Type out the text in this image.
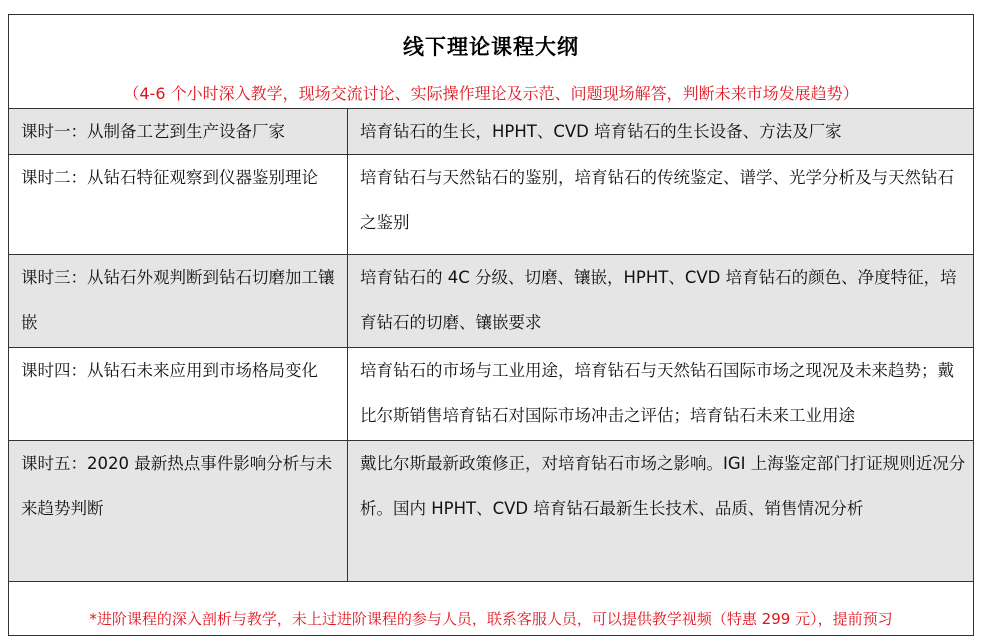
线下理论课程大纲
（4-6 个小时深入教学，现场交流讨论、实际操作理论及示范、问题现场解答，判断未来市场发展趋势）
课时一：从制备工艺到生产设备厂家	培育钻石的生长，HPHT、CVD 培育钻石的生长设备、方法及厂家
课时二：从钻石特征观察到仪器鉴别理论	培育钻石与天然钻石的鉴别，培育钻石的传统鉴定、谱学、光学分析及与天然钻石之鉴别
课时三：从钻石外观判断到钻石切磨加工镶嵌	培育钻石的 4C 分级、切磨、镶嵌，HPHT、CVD 培育钻石的颜色、净度特征，培育钻石的切磨、镶嵌要求
课时四：从钻石未来应用到市场格局变化	培育钻石的市场与工业用途，培育钻石与天然钻石国际市场之现况及未来趋势；戴比尔斯销售培育钻石对国际市场冲击之评估；培育钻石未来工业用途
课时五：2020 最新热点事件影响分析与未来趋势判断	戴比尔斯最新政策修正，对培育钻石市场之影响。IGI 上海鉴定部门打证规则近况分析。国内 HPHT、CVD 培育钻石最新生长技术、品质、销售情况分析
*进阶课程的深入剖析与教学，未上过进阶课程的参与人员，联系客服人员，可以提供教学视频（特惠 299 元），提前预习
